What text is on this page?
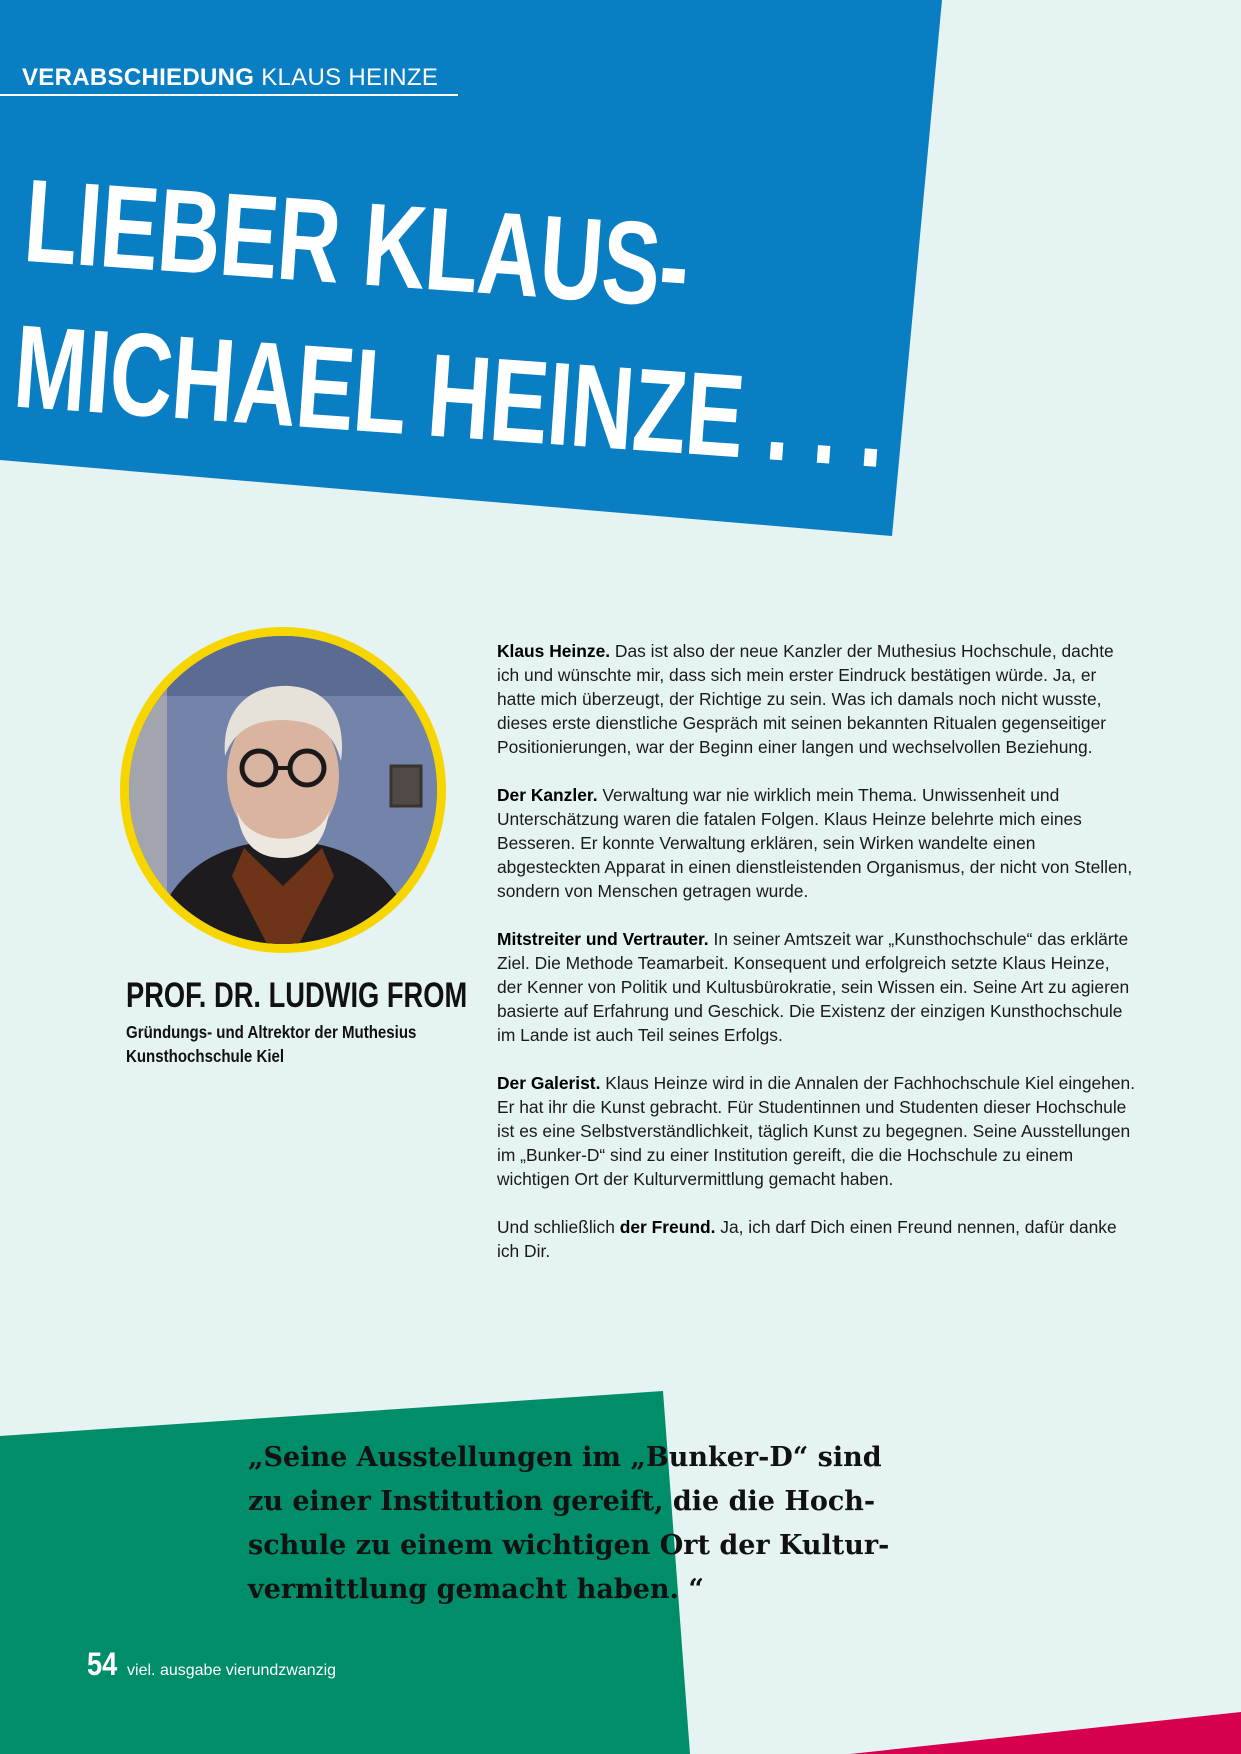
VERABSCHIEDUNG KLAUS HEINZE
LIEBER KLAUS-
MICHAEL HEINZE . . .
PROF. DR. LUDWIG FROM
Gründungs- und Altrektor der Muthesius
Kunsthochschule Kiel

Klaus Heinze. Das ist also der neue Kanzler der Muthesius Hochschule, dachte ich und wünschte mir, dass sich mein erster Eindruck bestätigen würde. Ja, er hatte mich überzeugt, der Richtige zu sein. Was ich damals noch nicht wusste, dieses erste dienstliche Gespräch mit seinen bekannten Ritualen gegenseitiger Positionierungen, war der Beginn einer langen und wechselvollen Beziehung.

Der Kanzler. Verwaltung war nie wirklich mein Thema. Unwissenheit und Unterschätzung waren die fatalen Folgen. Klaus Heinze belehrte mich eines Besseren. Er konnte Verwaltung erklären, sein Wirken wandelte einen abgesteckten Apparat in einen dienstleistenden Organismus, der nicht von Stellen, sondern von Menschen getragen wurde.

Mitstreiter und Vertrauter. In seiner Amtszeit war „Kunsthochschule“ das erklärte Ziel. Die Methode Teamarbeit. Konsequent und erfolgreich setzte Klaus Heinze, der Kenner von Politik und Kultusbürokratie, sein Wissen ein. Seine Art zu agieren basierte auf Erfahrung und Geschick. Die Existenz der einzigen Kunsthochschule im Lande ist auch Teil seines Erfolgs.

Der Galerist. Klaus Heinze wird in die Annalen der Fachhochschule Kiel eingehen. Er hat ihr die Kunst gebracht. Für Studentinnen und Studenten dieser Hochschule ist es eine Selbstverständlichkeit, täglich Kunst zu begegnen. Seine Ausstellungen im „Bunker-D“ sind zu einer Institution gereift, die die Hochschule zu einem wichtigen Ort der Kulturvermittlung gemacht haben.

Und schließlich der Freund. Ja, ich darf Dich einen Freund nennen, dafür danke ich Dir.

„Seine Ausstellungen im „Bunker-D“ sind
zu einer Institution gereift, die die Hoch-
schule zu einem wichtigen Ort der Kultur-
vermittlung gemacht haben. “
54 viel. ausgabe vierundzwanzig
